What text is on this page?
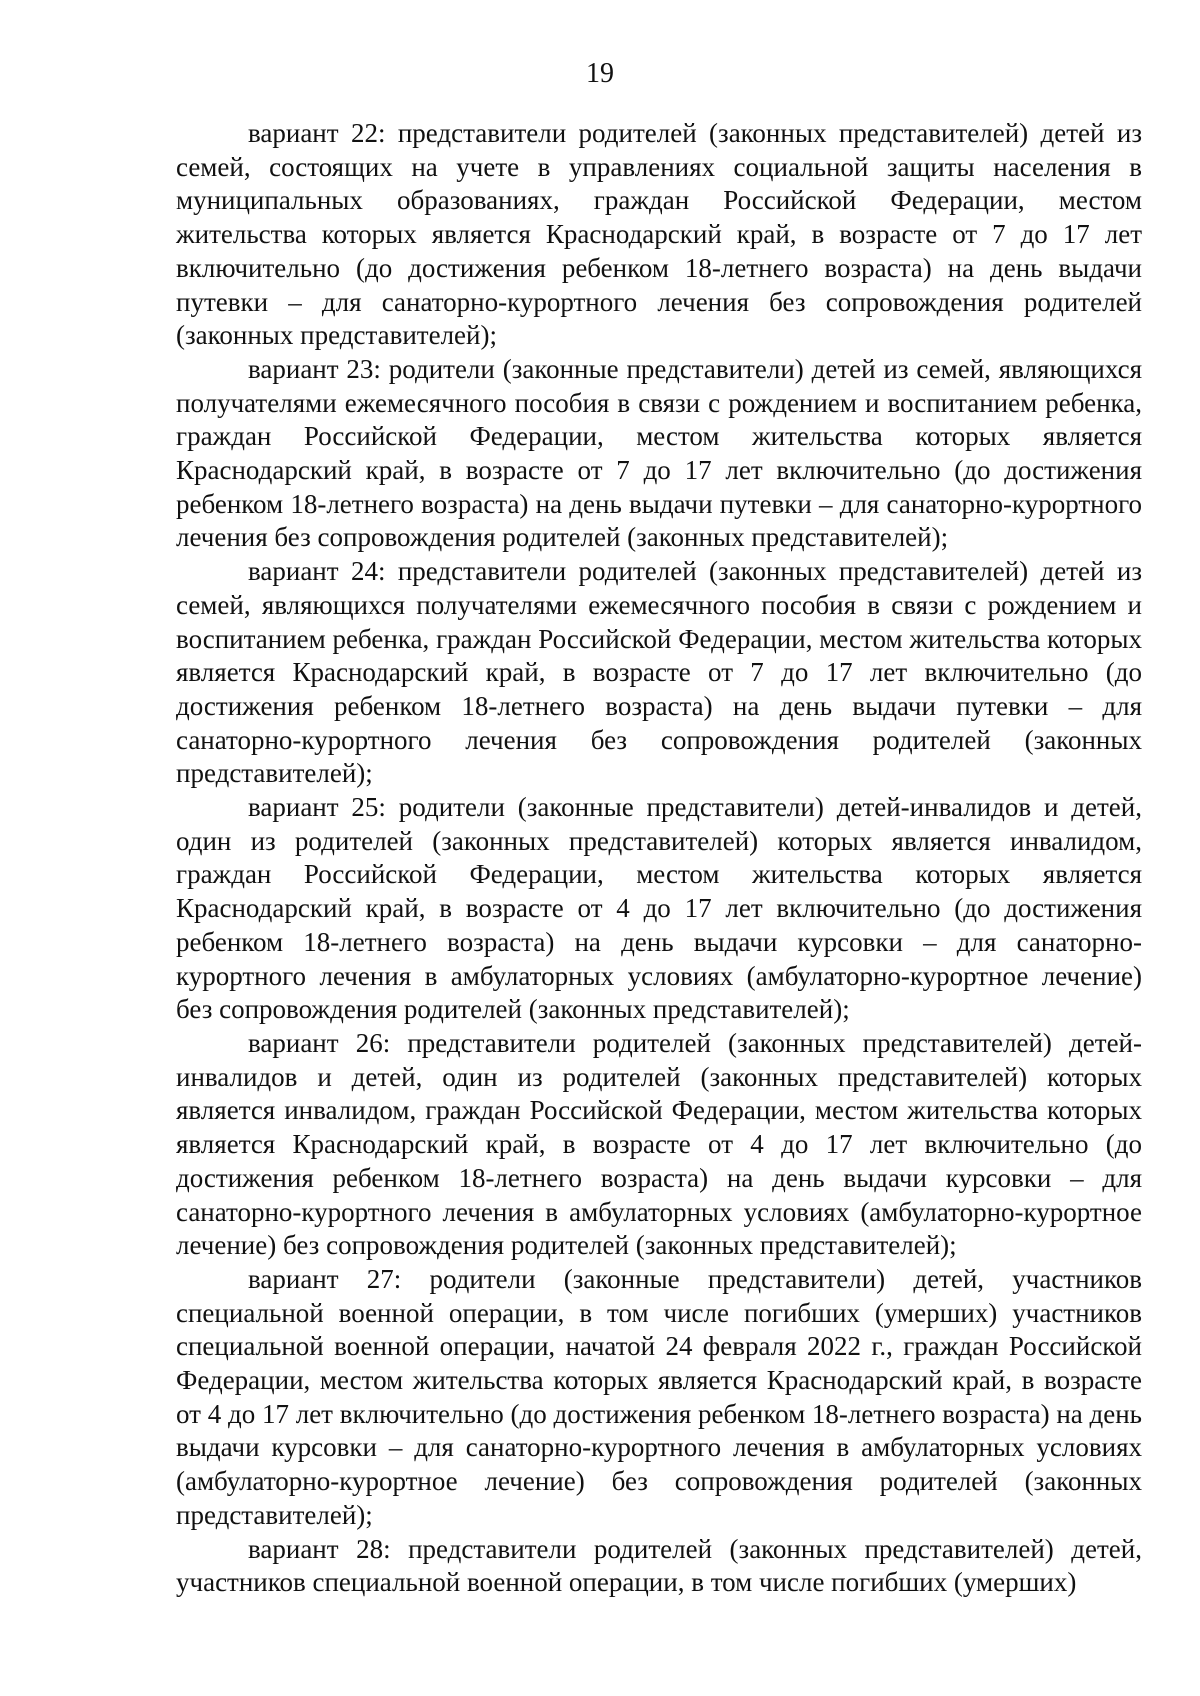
19

вариант 22: представители родителей (законных представителей) детей из семей, состоящих на учете в управлениях социальной защиты населения в муниципальных образованиях, граждан Российской Федерации, местом жительства которых является Краснодарский край, в возрасте от 7 до 17 лет включительно (до достижения ребенком 18-летнего возраста) на день выдачи путевки – для санаторно-курортного лечения без сопровождения родителей (законных представителей);

вариант 23: родители (законные представители) детей из семей, являющихся получателями ежемесячного пособия в связи с рождением и воспитанием ребенка, граждан Российской Федерации, местом жительства которых является Краснодарский край, в возрасте от 7 до 17 лет включительно (до достижения ребенком 18-летнего возраста) на день выдачи путевки – для санаторно-курортного лечения без сопровождения родителей (законных представителей);

вариант 24: представители родителей (законных представителей) детей из семей, являющихся получателями ежемесячного пособия в связи с рождением и воспитанием ребенка, граждан Российской Федерации, местом жительства которых является Краснодарский край, в возрасте от 7 до 17 лет включительно (до достижения ребенком 18-летнего возраста) на день выдачи путевки – для санаторно-курортного лечения без сопровождения родителей (законных представителей);

вариант 25: родители (законные представители) детей-инвалидов и детей, один из родителей (законных представителей) которых является инвалидом, граждан Российской Федерации, местом жительства которых является Краснодарский край, в возрасте от 4 до 17 лет включительно (до достижения ребенком 18-летнего возраста) на день выдачи курсовки – для санаторно-курортного лечения в амбулаторных условиях (амбулаторно-курортное лечение) без сопровождения родителей (законных представителей);

вариант 26: представители родителей (законных представителей) детей-инвалидов и детей, один из родителей (законных представителей) которых является инвалидом, граждан Российской Федерации, местом жительства которых является Краснодарский край, в возрасте от 4 до 17 лет включительно (до достижения ребенком 18-летнего возраста) на день выдачи курсовки – для санаторно-курортного лечения в амбулаторных условиях (амбулаторно-курортное лечение) без сопровождения родителей (законных представителей);

вариант 27: родители (законные представители) детей, участников специальной военной операции, в том числе погибших (умерших) участников специальной военной операции, начатой 24 февраля 2022 г., граждан Российской Федерации, местом жительства которых является Краснодарский край, в возрасте от 4 до 17 лет включительно (до достижения ребенком 18-летнего возраста) на день выдачи курсовки – для санаторно-курортного лечения в амбулаторных условиях (амбулаторно-курортное лечение) без сопровождения родителей (законных представителей);

вариант 28: представители родителей (законных представителей) детей, участников специальной военной операции, в том числе погибших (умерших)
